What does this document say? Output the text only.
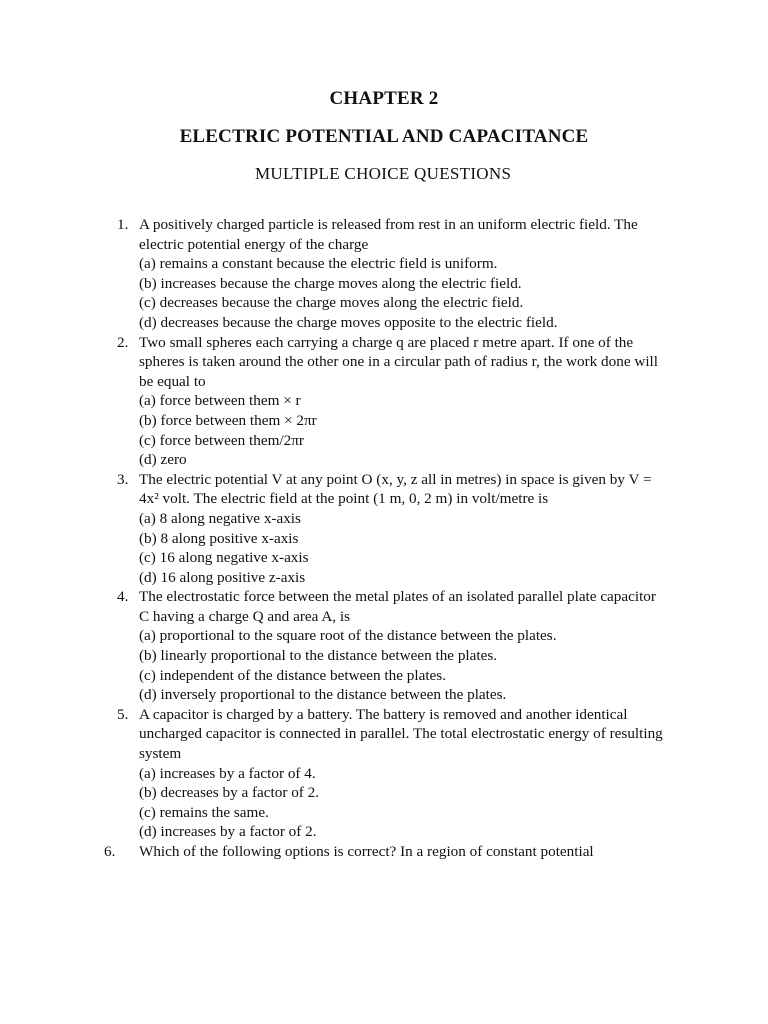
CHAPTER 2
ELECTRIC POTENTIAL AND CAPACITANCE
MULTIPLE CHOICE QUESTIONS
1. A positively charged particle is released from rest in an uniform electric field. The electric potential energy of the charge
(a) remains a constant because the electric field is uniform.
(b) increases because the charge moves along the electric field.
(c) decreases because the charge moves along the electric field.
(d) decreases because the charge moves opposite to the electric field.
2. Two small spheres each carrying a charge q are placed r metre apart. If one of the spheres is taken around the other one in a circular path of radius r, the work done will be equal to
(a) force between them × r
(b) force between them × 2πr
(c) force between them/2πr
(d) zero
3. The electric potential V at any point O (x, y, z all in metres) in space is given by V = 4x² volt. The electric field at the point (1 m, 0, 2 m) in volt/metre is
(a) 8 along negative x-axis
(b) 8 along positive x-axis
(c) 16 along negative x-axis
(d) 16 along positive z-axis
4. The electrostatic force between the metal plates of an isolated parallel plate capacitor C having a charge Q and area A, is
(a) proportional to the square root of the distance between the plates.
(b) linearly proportional to the distance between the plates.
(c) independent of the distance between the plates.
(d) inversely proportional to the distance between the plates.
5. A capacitor is charged by a battery. The battery is removed and another identical uncharged capacitor is connected in parallel. The total electrostatic energy of resulting system
(a) increases by a factor of 4.
(b) decreases by a factor of 2.
(c) remains the same.
(d) increases by a factor of 2.
6. Which of the following options is correct? In a region of constant potential
